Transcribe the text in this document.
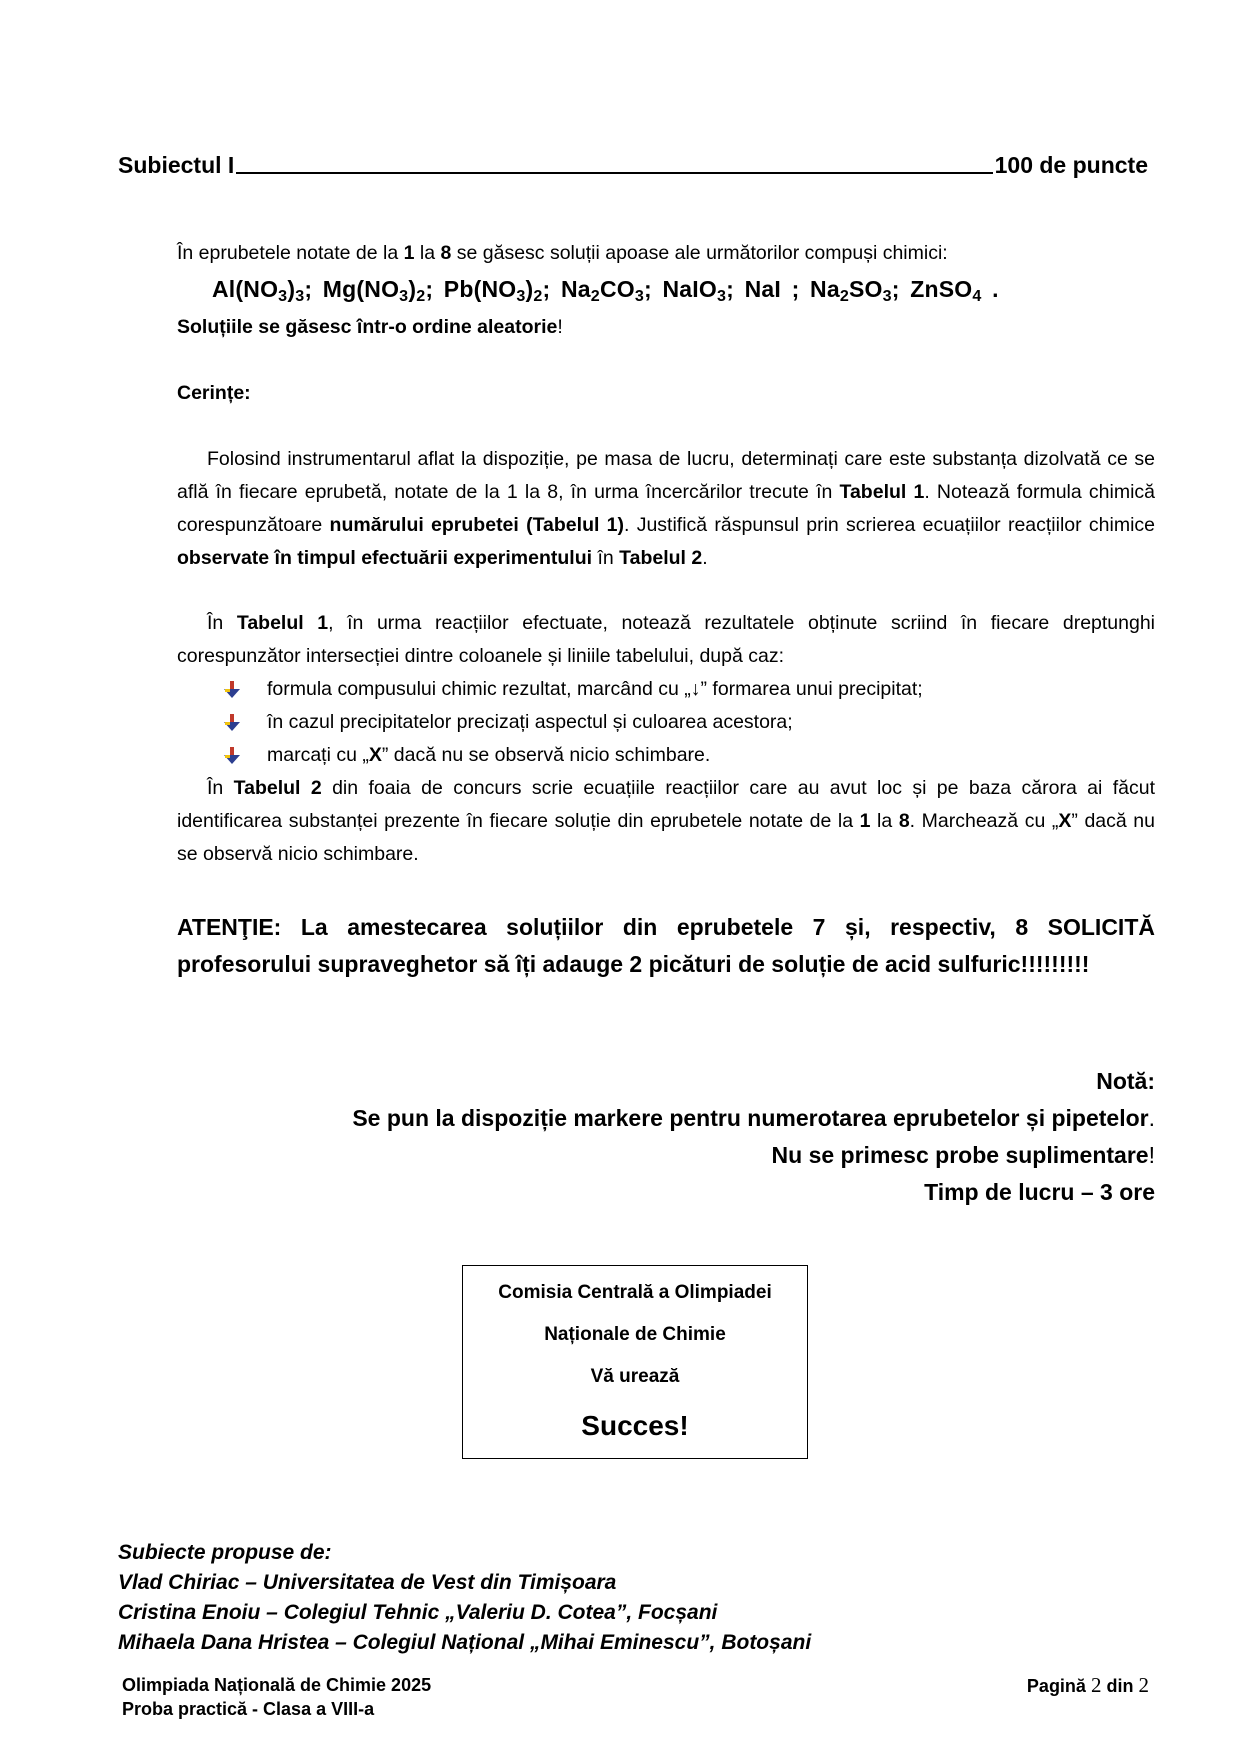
Subiectul I	100 de puncte
În eprubetele notate de la 1 la 8 se găsesc soluții apoase ale următorilor compuși chimici:
$Al(NO_3)_3$; $Mg(NO_3)_2$; $Pb(NO_3)_2$; $Na_2CO_3$; NaIO$_3$; NaI ; $Na_2SO_3$; ZnSO$_4$ .
Soluțiile se găsesc într-o ordine aleatorie!
Cerințe:
Folosind instrumentarul aflat la dispoziție, pe masa de lucru, determinați care este substanța dizolvată ce se află în fiecare eprubetă, notate de la 1 la 8, în urma încercărilor trecute în Tabelul 1. Notează formula chimică corespunzătoare numărului eprubetei (Tabelul 1). Justifică răspunsul prin scrierea ecuațiilor reacțiilor chimice observate în timpul efectuării experimentului în Tabelul 2.
În Tabelul 1, în urma reacțiilor efectuate, notează rezultatele obținute scriind în fiecare dreptunghi corespunzător intersecției dintre coloanele și liniile tabelului, după caz:
formula compusului chimic rezultat, marcând cu „↓” formarea unui precipitat;
în cazul precipitatelor precizați aspectul și culoarea acestora;
marcați cu „X” dacă nu se observă nicio schimbare.
În Tabelul 2 din foaia de concurs scrie ecuațiile reacțiilor care au avut loc și pe baza cărora ai făcut identificarea substanței prezente în fiecare soluție din eprubetele notate de la 1 la 8. Marchează cu „X” dacă nu se observă nicio schimbare.
ATENŢIE: La amestecarea soluțiilor din eprubetele 7 și, respectiv, 8 SOLICITĂ profesorului supraveghetor să îți adauge 2 picături de soluție de acid sulfuric!!!!!!!!!
Notă:
Se pun la dispoziție markere pentru numerotarea eprubetelor și pipetelor.
Nu se primesc probe suplimentare!
Timp de lucru – 3 ore
Comisia Centrală a Olimpiadei
Naționale de Chimie
Vă urează
Succes!
Subiecte propuse de:
Vlad Chiriac – Universitatea de Vest din Timișoara
Cristina Enoiu – Colegiul Tehnic „Valeriu D. Cotea”, Focșani
Mihaela Dana Hristea – Colegiul Național „Mihai Eminescu”, Botoșani
Olimpiada Națională de Chimie 2025
Proba practică - Clasa a VIII-a
Pagină 2 din 2
